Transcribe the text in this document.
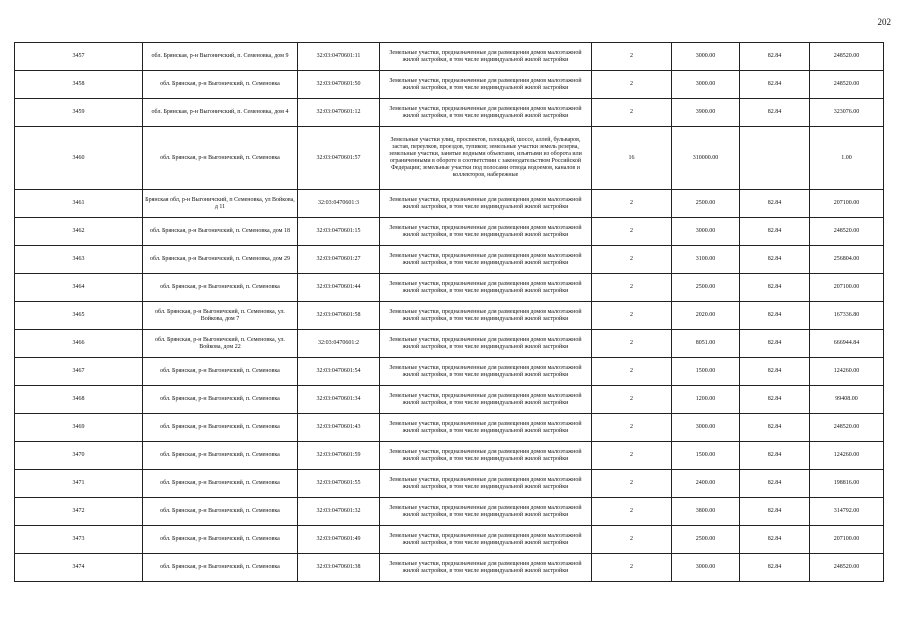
202
3457	обл. Брянская, р-н Выгоничский, п. Семеновка, дом 9	32:03:0470601:11	Земельные участки, предназначенные для размещения домов малоэтажной жилой застройки, в том числе индивидуальной жилой застройки	2	3000.00	82.84	248520.00
3458	обл. Брянская, р-н Выгоничский, п. Семеновка	32:03:0470601:50	Земельные участки, предназначенные для размещения домов малоэтажной жилой застройки, в том числе индивидуальной жилой застройки	2	3000.00	82.84	248520.00
3459	обл. Брянская, р-н Выгоничский, п. Семеновка, дом 4	32:03:0470601:12	Земельные участки, предназначенные для размещения домов малоэтажной жилой застройки, в том числе индивидуальной жилой застройки	2	3900.00	82.84	323076.00
3460	обл. Брянская, р-н Выгоничский, п. Семеновка	32:03:0470601:57	Земельные участки улиц, проспектов, площадей, шоссе, аллей, бульваров, застав, переулков, проездов, тупиков; земельные участки земель резерва, земельные участки, занятые водными объектами, изъятыми из оборота или ограниченными в обороте в соответствии с законодательством Российской Федерации; земельные участки под полосами отвода водоемов, каналов и коллекторов, набережные	16	310000.00		1.00
3461	Брянская обл, р-н Выгоничский, п Семеновка, ул Войкова, д 11	32:03:0470601:3	Земельные участки, предназначенные для размещения домов малоэтажной жилой застройки, в том числе индивидуальной жилой застройки	2	2500.00	82.84	207100.00
3462	обл. Брянская, р-н Выгоничский, п. Семеновка, дом 18	32:03:0470601:15	Земельные участки, предназначенные для размещения домов малоэтажной жилой застройки, в том числе индивидуальной жилой застройки	2	3000.00	82.84	248520.00
3463	обл. Брянская, р-н Выгоничский, п. Семеновка, дом 29	32:03:0470601:27	Земельные участки, предназначенные для размещения домов малоэтажной жилой застройки, в том числе индивидуальной жилой застройки	2	3100.00	82.84	256804.00
3464	обл. Брянская, р-н Выгоничский, п. Семеновка	32:03:0470601:44	Земельные участки, предназначенные для размещения домов малоэтажной жилой застройки, в том числе индивидуальной жилой застройки	2	2500.00	82.84	207100.00
3465	обл. Брянская, р-н Выгоничский, п. Семеновка, ул. Войкова, дом 7	32:03:0470601:58	Земельные участки, предназначенные для размещения домов малоэтажной жилой застройки, в том числе индивидуальной жилой застройки	2	2020.00	82.84	167336.80
3466	обл. Брянская, р-н Выгоничский, п. Семеновка, ул. Войкова, дом 22	32:03:0470601:2	Земельные участки, предназначенные для размещения домов малоэтажной жилой застройки, в том числе индивидуальной жилой застройки	2	8051.00	82.84	666944.84
3467	обл. Брянская, р-н Выгоничский, п. Семеновка	32:03:0470601:54	Земельные участки, предназначенные для размещения домов малоэтажной жилой застройки, в том числе индивидуальной жилой застройки	2	1500.00	82.84	124260.00
3468	обл. Брянская, р-н Выгоничский, п. Семеновка	32:03:0470601:34	Земельные участки, предназначенные для размещения домов малоэтажной жилой застройки, в том числе индивидуальной жилой застройки	2	1200.00	82.84	99408.00
3469	обл. Брянская, р-н Выгоничский, п. Семеновка	32:03:0470601:43	Земельные участки, предназначенные для размещения домов малоэтажной жилой застройки, в том числе индивидуальной жилой застройки	2	3000.00	82.84	248520.00
3470	обл. Брянская, р-н Выгоничский, п. Семеновка	32:03:0470601:59	Земельные участки, предназначенные для размещения домов малоэтажной жилой застройки, в том числе индивидуальной жилой застройки	2	1500.00	82.84	124260.00
3471	обл. Брянская, р-н Выгоничский, п. Семеновка	32:03:0470601:55	Земельные участки, предназначенные для размещения домов малоэтажной жилой застройки, в том числе индивидуальной жилой застройки	2	2400.00	82.84	198816.00
3472	обл. Брянская, р-н Выгоничский, п. Семеновка	32:03:0470601:32	Земельные участки, предназначенные для размещения домов малоэтажной жилой застройки, в том числе индивидуальной жилой застройки	2	3800.00	82.84	314792.00
3473	обл. Брянская, р-н Выгоничский, п. Семеновка	32:03:0470601:49	Земельные участки, предназначенные для размещения домов малоэтажной жилой застройки, в том числе индивидуальной жилой застройки	2	2500.00	82.84	207100.00
3474	обл. Брянская, р-н Выгоничский, п. Семеновка	32:03:0470601:38	Земельные участки, предназначенные для размещения домов малоэтажной жилой застройки, в том числе индивидуальной жилой застройки	2	3000.00	82.84	248520.00
